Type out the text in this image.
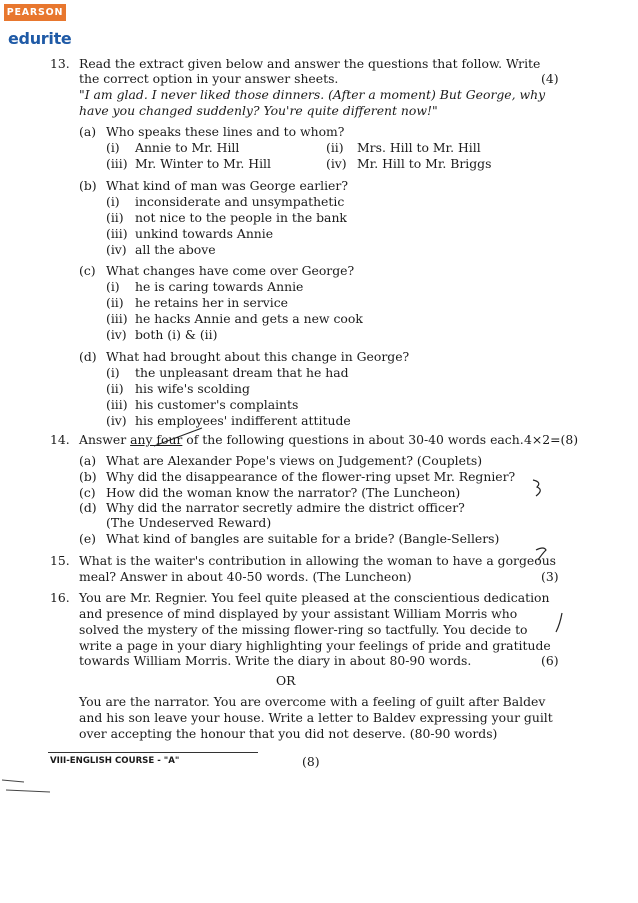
PEARSON
edurite
13. Read the extract given below and answer the questions that follow. Write
the correct option in your answer sheets.	(4)
"I am glad. I never liked those dinners. (After a moment) But George, why
have you changed suddenly? You're quite different now!"
(a) Who speaks these lines and to whom?
(i) Annie to Mr. Hill	(ii) Mrs. Hill to Mr. Hill
(iii) Mr. Winter to Mr. Hill	(iv) Mr. Hill to Mr. Briggs
(b) What kind of man was George earlier?
(i) inconsiderate and unsympathetic
(ii) not nice to the people in the bank
(iii) unkind towards Annie
(iv) all the above
(c) What changes have come over George?
(i) he is caring towards Annie
(ii) he retains her in service
(iii) he hacks Annie and gets a new cook
(iv) both (i) & (ii)
(d) What had brought about this change in George?
(i) the unpleasant dream that he had
(ii) his wife's scolding
(iii) his customer's complaints
(iv) his employees' indifferent attitude
14. Answer any four of the following questions in about 30-40 words each. 4×2=(8)
(a) What are Alexander Pope's views on Judgement? (Couplets)
(b) Why did the disappearance of the flower-ring upset Mr. Regnier?
(c) How did the woman know the narrator? (The Luncheon)
(d) Why did the narrator secretly admire the district officer?
(The Undeserved Reward)
(e) What kind of bangles are suitable for a bride? (Bangle-Sellers)
15. What is the waiter's contribution in allowing the woman to have a gorgeous
meal? Answer in about 40-50 words. (The Luncheon)	(3)
16. You are Mr. Regnier. You feel quite pleased at the conscientious dedication
and presence of mind displayed by your assistant William Morris who
solved the mystery of the missing flower-ring so tactfully. You decide to
write a page in your diary highlighting your feelings of pride and gratitude
towards William Morris. Write the diary in about 80-90 words.	(6)
OR
You are the narrator. You are overcome with a feeling of guilt after Baldev
and his son leave your house. Write a letter to Baldev expressing your guilt
over accepting the honour that you did not deserve. (80-90 words)
VIII-ENGLISH COURSE - "A"	(8)
